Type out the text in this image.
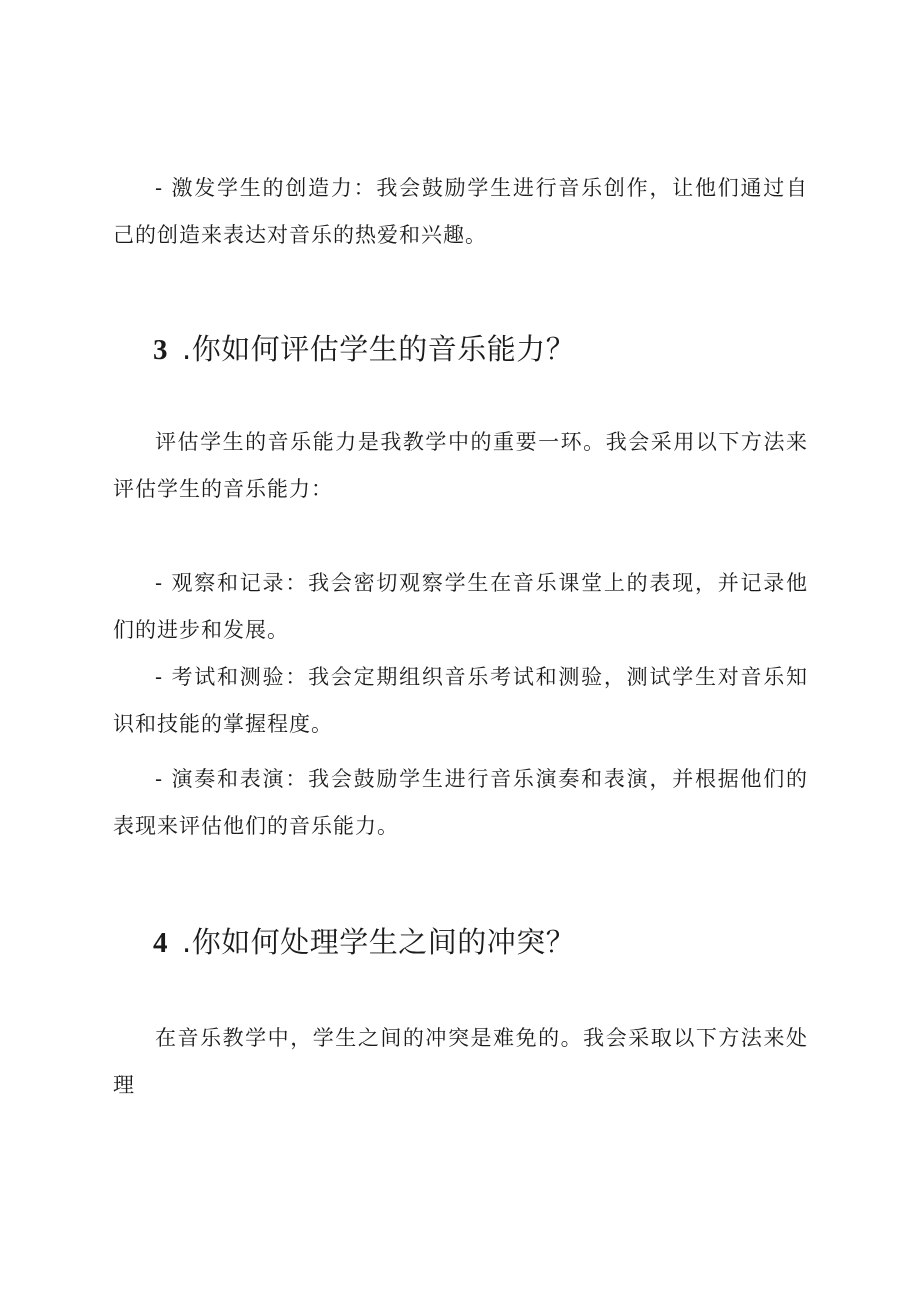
- 激发学生的创造力：我会鼓励学生进行音乐创作，让他们通过自己的创造来表达对音乐的热爱和兴趣。

3 .你如何评估学生的音乐能力？

评估学生的音乐能力是我教学中的重要一环。我会采用以下方法来评估学生的音乐能力：

- 观察和记录：我会密切观察学生在音乐课堂上的表现，并记录他们的进步和发展。

- 考试和测验：我会定期组织音乐考试和测验，测试学生对音乐知识和技能的掌握程度。

- 演奏和表演：我会鼓励学生进行音乐演奏和表演，并根据他们的表现来评估他们的音乐能力。

4 .你如何处理学生之间的冲突？

在音乐教学中，学生之间的冲突是难免的。我会采取以下方法来处理
